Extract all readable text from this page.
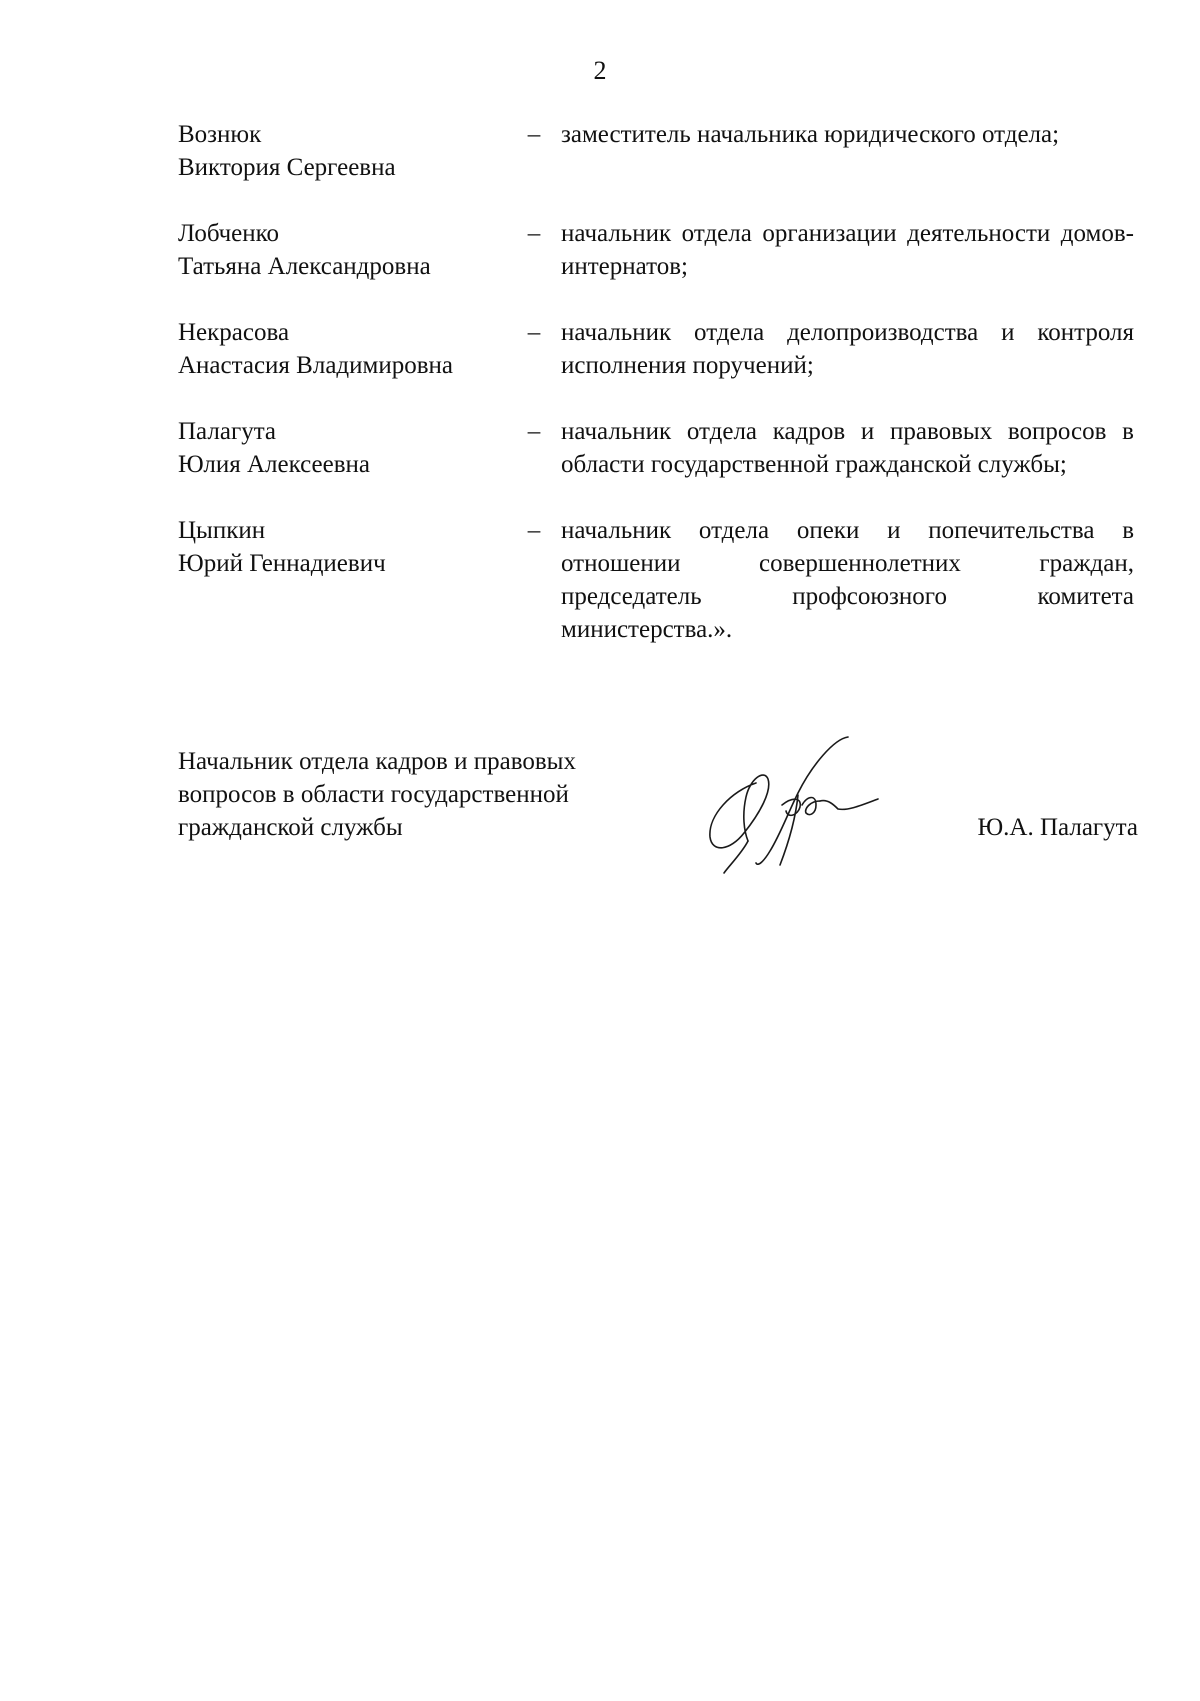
2
Вознюк
Виктория Сергеевна
– заместитель начальника юридического отдела;
Лобченко
Татьяна Александровна
– начальник отдела организации деятельности домов-интернатов;
Некрасова
Анастасия Владимировна
– начальник отдела делопроизводства и контроля исполнения поручений;
Палагута
Юлия Алексеевна
– начальник отдела кадров и правовых вопросов в области государственной гражданской службы;
Цыпкин
Юрий Геннадиевич
– начальник отдела опеки и попечительства в отношении совершеннолетних граждан, председатель профсоюзного комитета министерства.».
Начальник отдела кадров и правовых
вопросов в области государственной
гражданской службы	Ю.А. Палагута
